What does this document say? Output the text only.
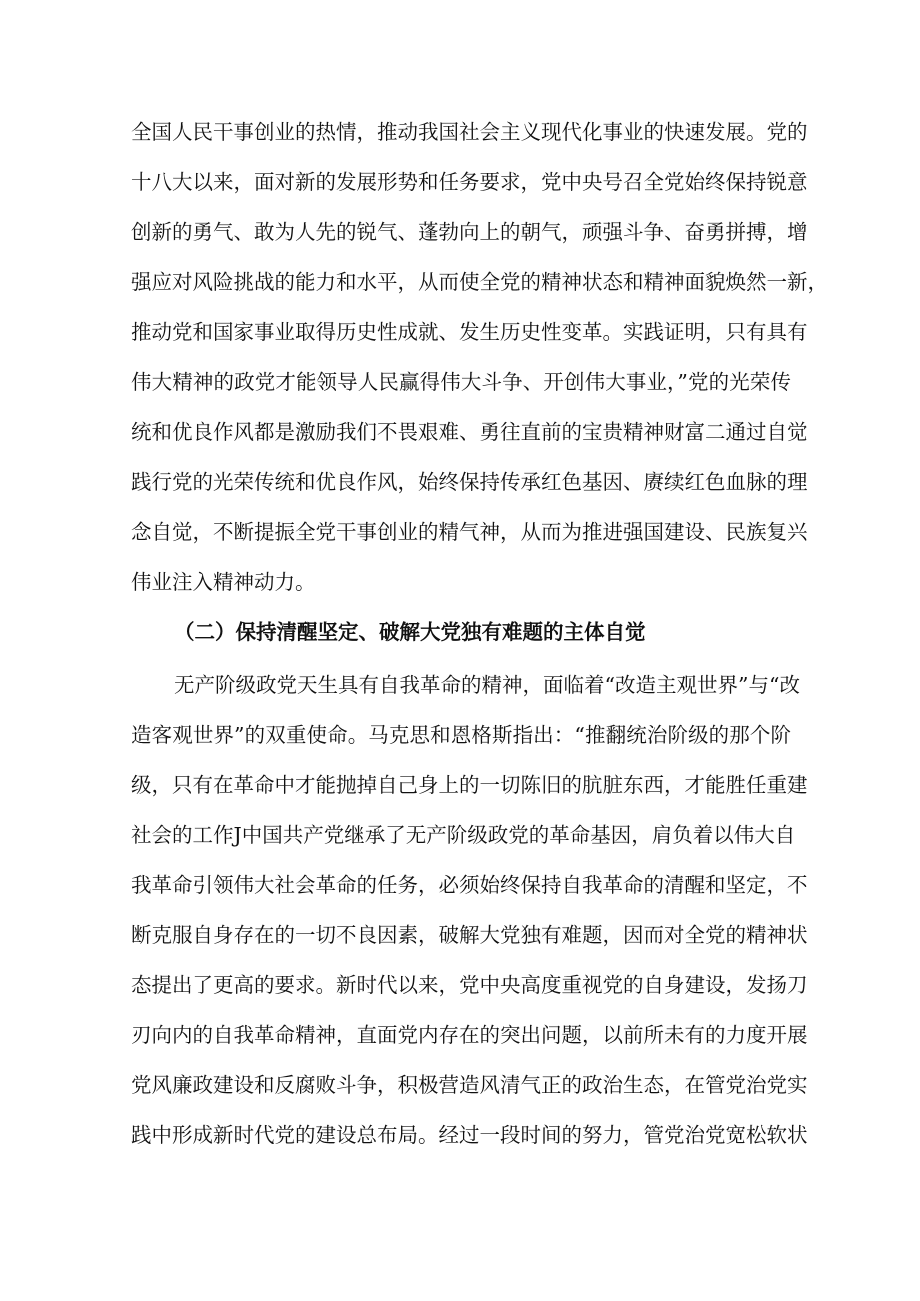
全国人民干事创业的热情，推动我国社会主义现代化事业的快速发展。党的
十八大以来，面对新的发展形势和任务要求，党中央号召全党始终保持锐意
创新的勇气、敢为人先的锐气、蓬勃向上的朝气，顽强斗争、奋勇拼搏，增
强应对风险挑战的能力和水平，从而使全党的精神状态和精神面貌焕然一新，
推动党和国家事业取得历史性成就、发生历史性变革。实践证明，只有具有
伟大精神的政党才能领导人民赢得伟大斗争、开创伟大事业，”党的光荣传
统和优良作风都是激励我们不畏艰难、勇往直前的宝贵精神财富二通过自觉
践行党的光荣传统和优良作风，始终保持传承红色基因、赓续红色血脉的理
念自觉，不断提振全党干事创业的精气神，从而为推进强国建设、民族复兴
伟业注入精神动力。
（二）保持清醒坚定、破解大党独有难题的主体自觉
无产阶级政党天生具有自我革命的精神，面临着“改造主观世界”与“改
造客观世界”的双重使命。马克思和恩格斯指出：“推翻统治阶级的那个阶
级，只有在革命中才能抛掉自己身上的一切陈旧的肮脏东西，才能胜任重建
社会的工作J中国共产党继承了无产阶级政党的革命基因，肩负着以伟大自
我革命引领伟大社会革命的任务，必须始终保持自我革命的清醒和坚定，不
断克服自身存在的一切不良因素，破解大党独有难题，因而对全党的精神状
态提出了更高的要求。新时代以来，党中央高度重视党的自身建设，发扬刀
刃向内的自我革命精神，直面党内存在的突出问题，以前所未有的力度开展
党风廉政建设和反腐败斗争，积极营造风清气正的政治生态，在管党治党实
践中形成新时代党的建设总布局。经过一段时间的努力，管党治党宽松软状
